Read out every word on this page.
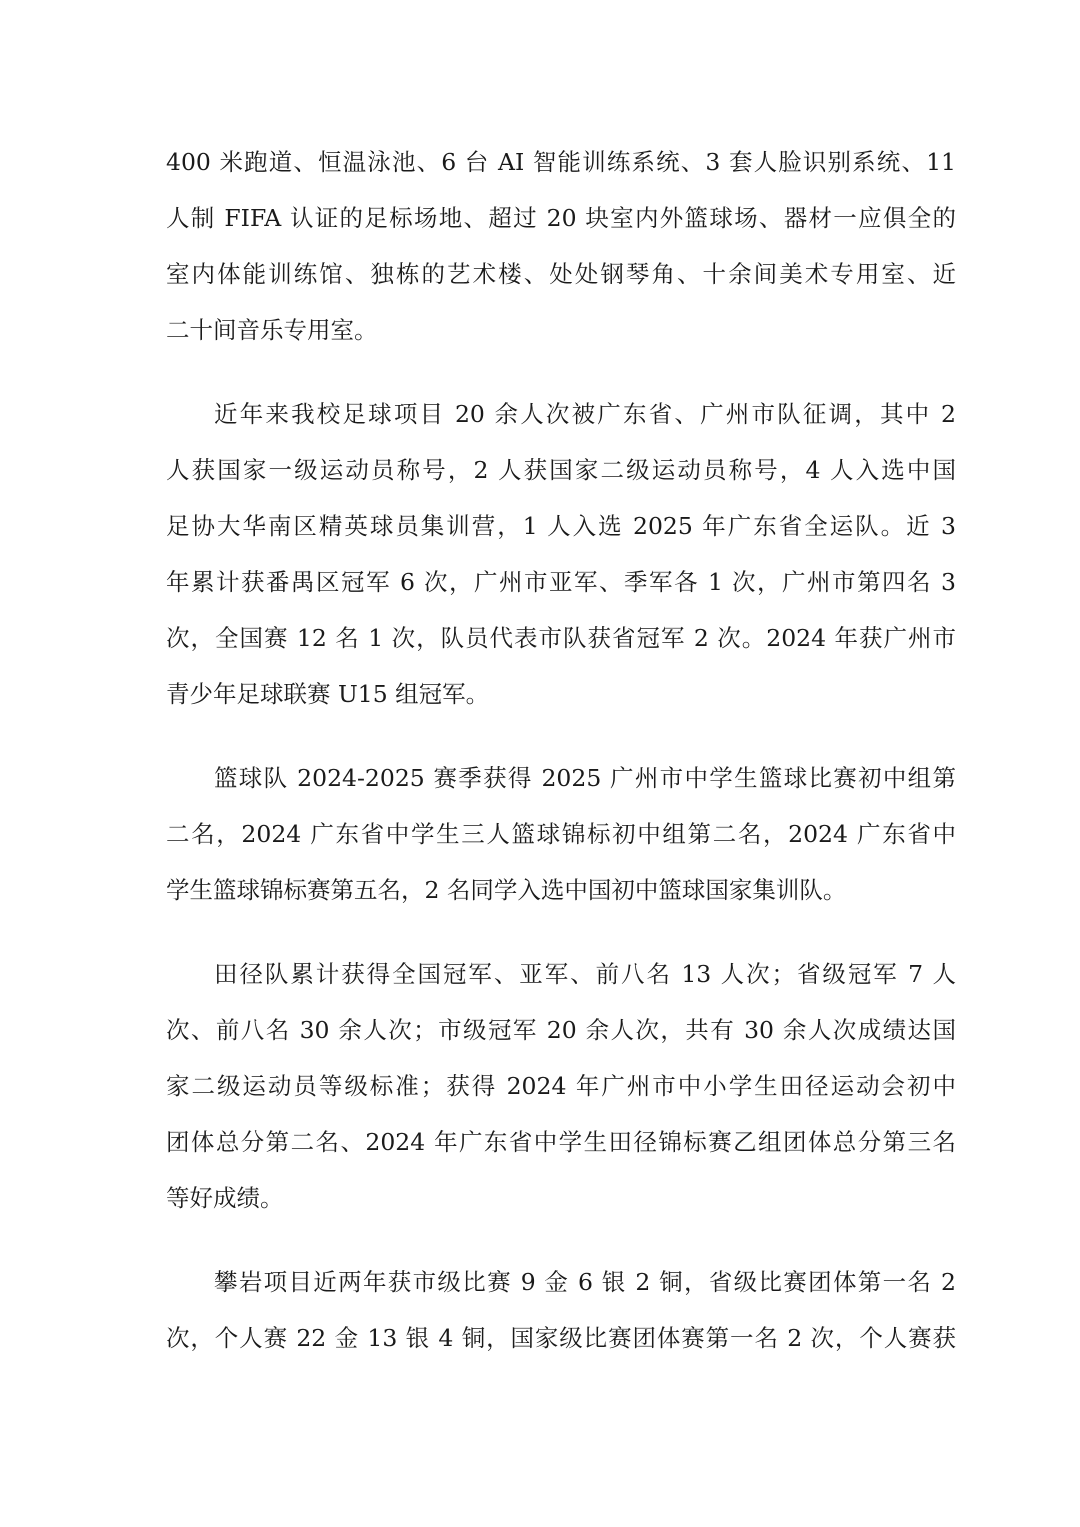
400 米跑道、恒温泳池、6 台 AI 智能训练系统、3 套人脸识别系统、11

人制 FIFA 认证的足标场地、超过 20 块室内外篮球场、器材一应俱全的

室内体能训练馆、独栋的艺术楼、处处钢琴角、十余间美术专用室、近

二十间音乐专用室。

近年来我校足球项目 20 余人次被广东省、广州市队征调，其中 2

人获国家一级运动员称号，2 人获国家二级运动员称号，4 人入选中国

足协大华南区精英球员集训营，1 人入选 2025 年广东省全运队。近 3

年累计获番禺区冠军 6 次，广州市亚军、季军各 1 次，广州市第四名 3

次，全国赛 12 名 1 次，队员代表市队获省冠军 2 次。2024 年获广州市

青少年足球联赛 U15 组冠军。

篮球队 2024-2025 赛季获得 2025 广州市中学生篮球比赛初中组第

二名，2024 广东省中学生三人篮球锦标初中组第二名，2024 广东省中

学生篮球锦标赛第五名，2 名同学入选中国初中篮球国家集训队。

田径队累计获得全国冠军、亚军、前八名 13 人次；省级冠军 7 人

次、前八名 30 余人次；市级冠军 20 余人次，共有 30 余人次成绩达国

家二级运动员等级标准；获得 2024 年广州市中小学生田径运动会初中

团体总分第二名、2024 年广东省中学生田径锦标赛乙组团体总分第三名

等好成绩。

攀岩项目近两年获市级比赛 9 金 6 银 2 铜，省级比赛团体第一名 2

次，个人赛 22 金 13 银 4 铜，国家级比赛团体赛第一名 2 次，个人赛获
